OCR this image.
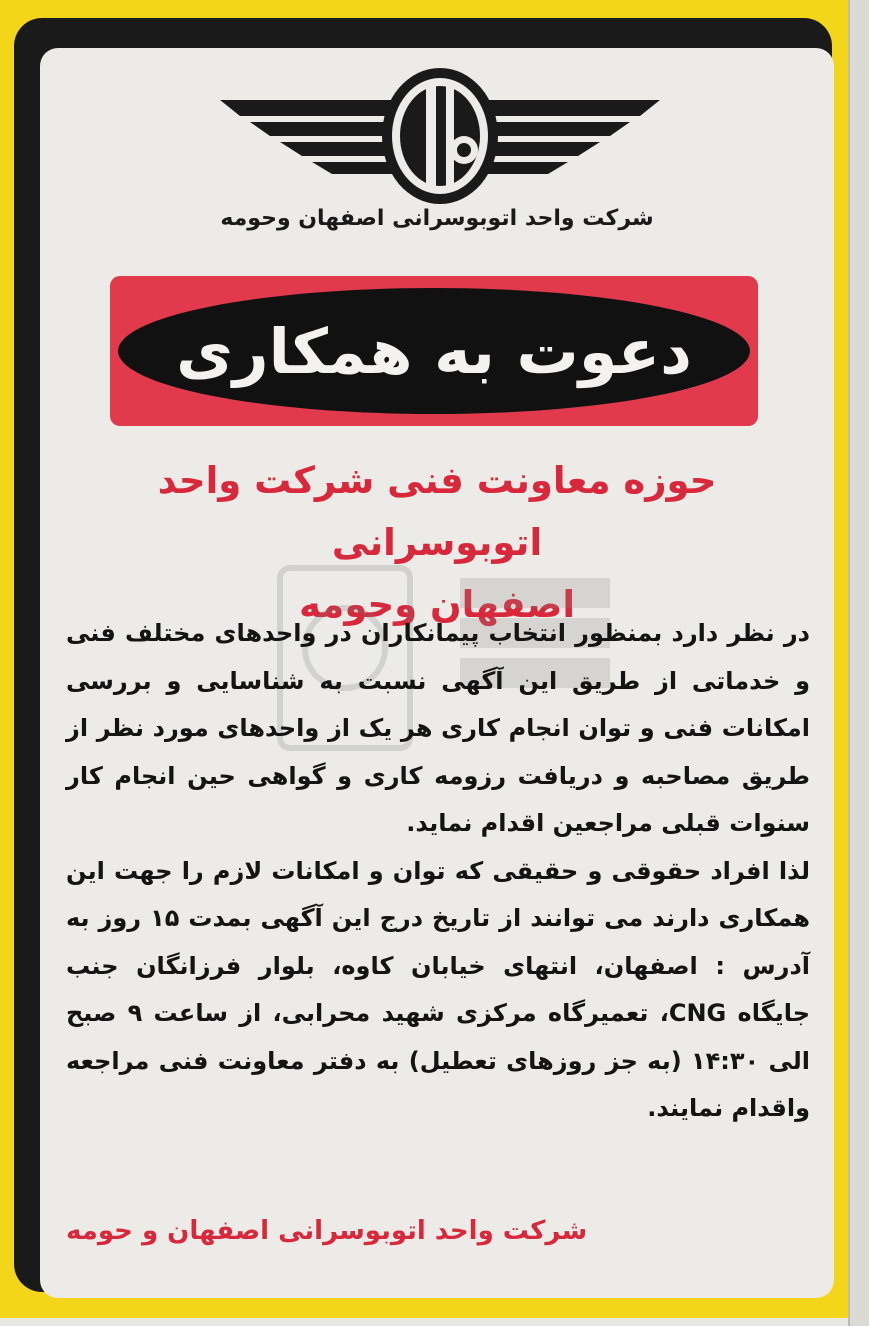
شرکت واحد اتوبوسرانی اصفهان وحومه
دعوت به همکاری
حوزه معاونت فنی شرکت واحد اتوبوسرانی
اصفهان وحومه

در نظر دارد بمنظور انتخاب پیمانکاران در واحدهای مختلف فنی و خدماتی از طریق این آگهی نسبت به شناسایی و بررسی امکانات فنی و توان انجام کاری هر یک از واحدهای مورد نظر از طریق مصاحبه و دریافت رزومه کاری و گواهی حین انجام کار سنوات قبلی مراجعین اقدام نماید.

لذا افراد حقوقی و حقیقی که توان و امکانات لازم را جهت این همکاری دارند می توانند از تاریخ درج این آگهی بمدت ۱۵ روز به آدرس : اصفهان، انتهای خیابان کاوه، بلوار فرزانگان جنب جایگاه CNG، تعمیرگاه مرکزی شهید محرابی، از ساعت ۹ صبح الی ۱۴:۳۰ (به جز روزهای تعطیل) به دفتر معاونت فنی مراجعه واقدام نمایند.

شرکت واحد اتوبوسرانی اصفهان و حومه
